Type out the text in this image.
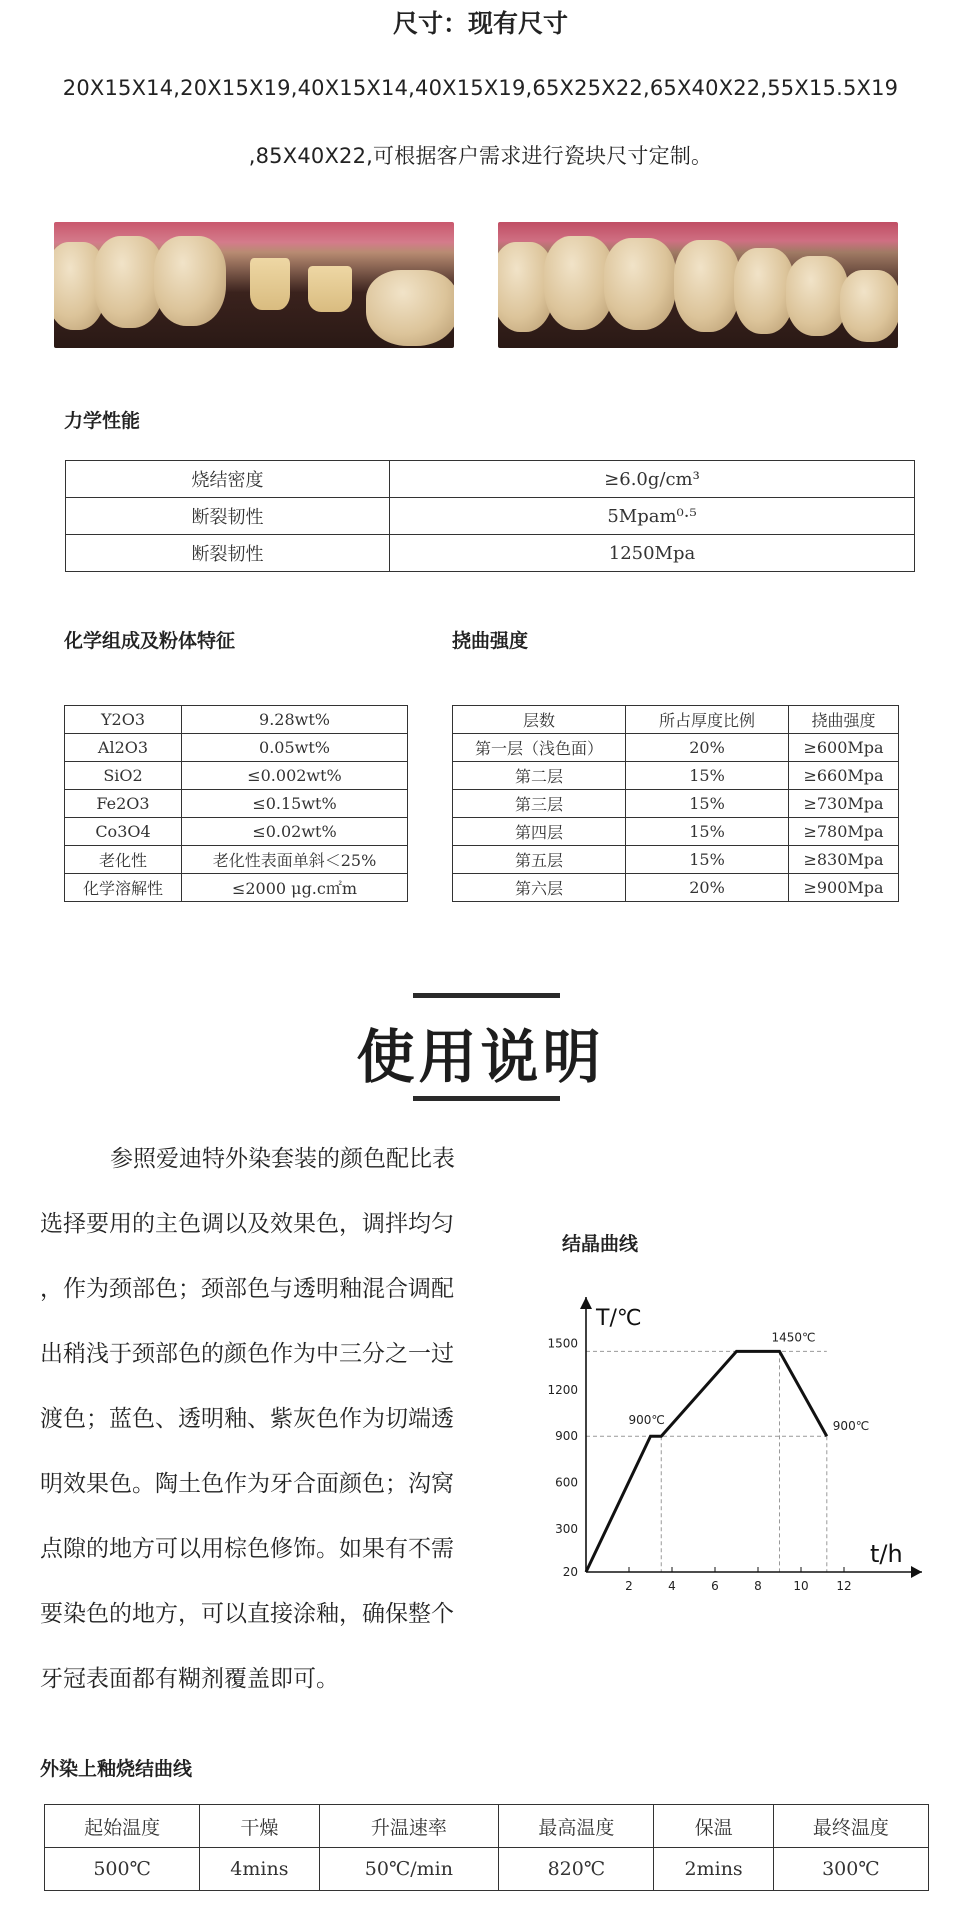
尺寸：现有尺寸
20X15X14,20X15X19,40X15X14,40X15X19,65X25X22,65X40X22,55X15.5X19
,85X40X22,可根据客户需求进行瓷块尺寸定制。
力学性能
烧结密度	≥6.0g/cm³
断裂韧性	5Mpam⁰·⁵
断裂韧性	1250Mpa
化学组成及粉体特征
Y2O3	9.28wt%
Al2O3	0.05wt%
SiO2	≤0.002wt%
Fe2O3	≤0.15wt%
Co3O4	≤0.02wt%
老化性	老化性表面单斜＜25%
化学溶解性	≤2000 μg.c㎡m
挠曲强度
层数	所占厚度比例	挠曲强度
第一层（浅色面）	20%	≥600Mpa
第二层	15%	≥660Mpa
第三层	15%	≥730Mpa
第四层	15%	≥780Mpa
第五层	15%	≥830Mpa
第六层	20%	≥900Mpa
使用说明
参照爱迪特外染套装的颜色配比表
选择要用的主色调以及效果色，调拌均匀
，作为颈部色；颈部色与透明釉混合调配
出稍浅于颈部色的颜色作为中三分之一过
渡色；蓝色、透明釉、紫灰色作为切端透
明效果色。陶土色作为牙合面颜色；沟窝
点隙的地方可以用棕色修饰。如果有不需
要染色的地方，可以直接涂釉，确保整个
牙冠表面都有糊剂覆盖即可。
结晶曲线
2	4	6	8	10 12
20
300
600
900
1200
1500
T/℃
t/h
900℃
1450℃
900℃
外染上釉烧结曲线
起始温度	干燥	升温速率	最高温度	保温	最终温度
500℃	4mins	50℃/min	820℃	2mins	300℃
